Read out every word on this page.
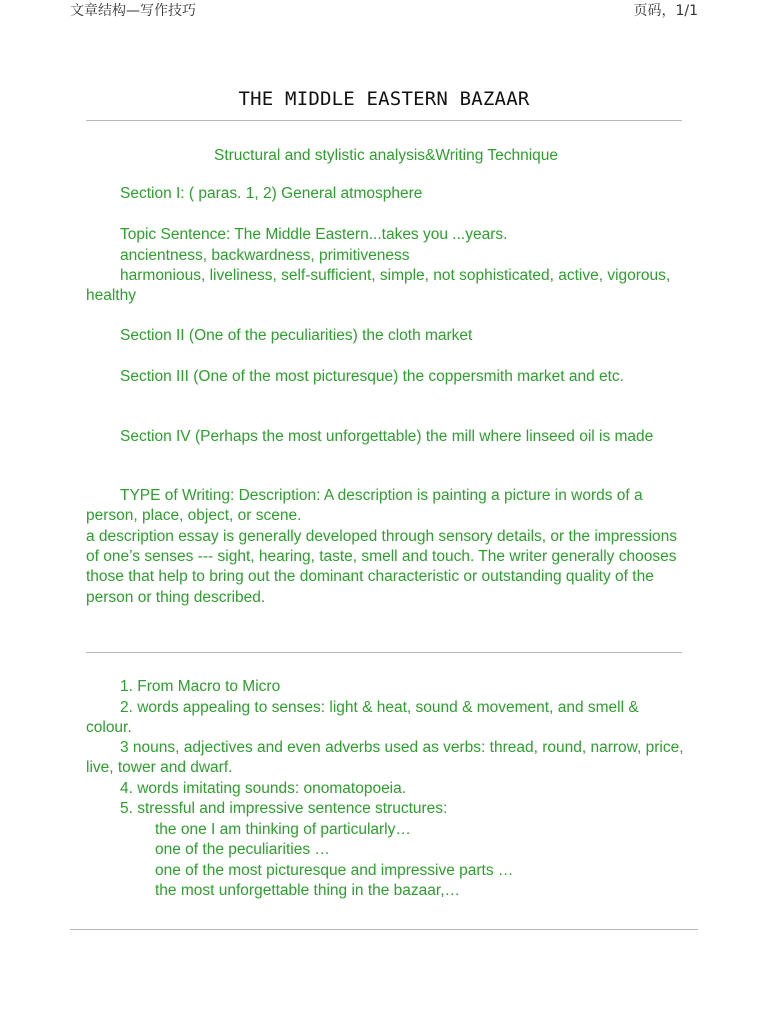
文章结构—写作技巧	页码，1/1
THE MIDDLE EASTERN BAZAAR

Structural and stylistic analysis&Writing Technique

Section I: ( paras. 1, 2) General atmosphere

Topic Sentence: The Middle Eastern...takes you ...years.

ancientness, backwardness, primitiveness

harmonious, liveliness, self-sufficient, simple, not sophisticated, active, vigorous, healthy

Section II (One of the peculiarities) the cloth market

Section III (One of the most picturesque) the coppersmith market and etc.

Section IV (Perhaps the most unforgettable) the mill where linseed oil is made

TYPE of Writing: Description: A description is painting a picture in words of a person, place, object, or scene.

a description essay is generally developed through sensory details, or the impressions of one’s senses --- sight, hearing, taste, smell and touch. The writer generally chooses those that help to bring out the dominant characteristic or outstanding quality of the person or thing described.

1. From Macro to Micro

2. words appealing to senses: light & heat, sound & movement, and smell & colour.

3 nouns, adjectives and even adverbs used as verbs: thread, round, narrow, price, live, tower and dwarf.

4. words imitating sounds: onomatopoeia.

5. stressful and impressive sentence structures:

the one I am thinking of particularly…

one of the peculiarities …

one of the most picturesque and impressive parts …

the most unforgettable thing in the bazaar,…
